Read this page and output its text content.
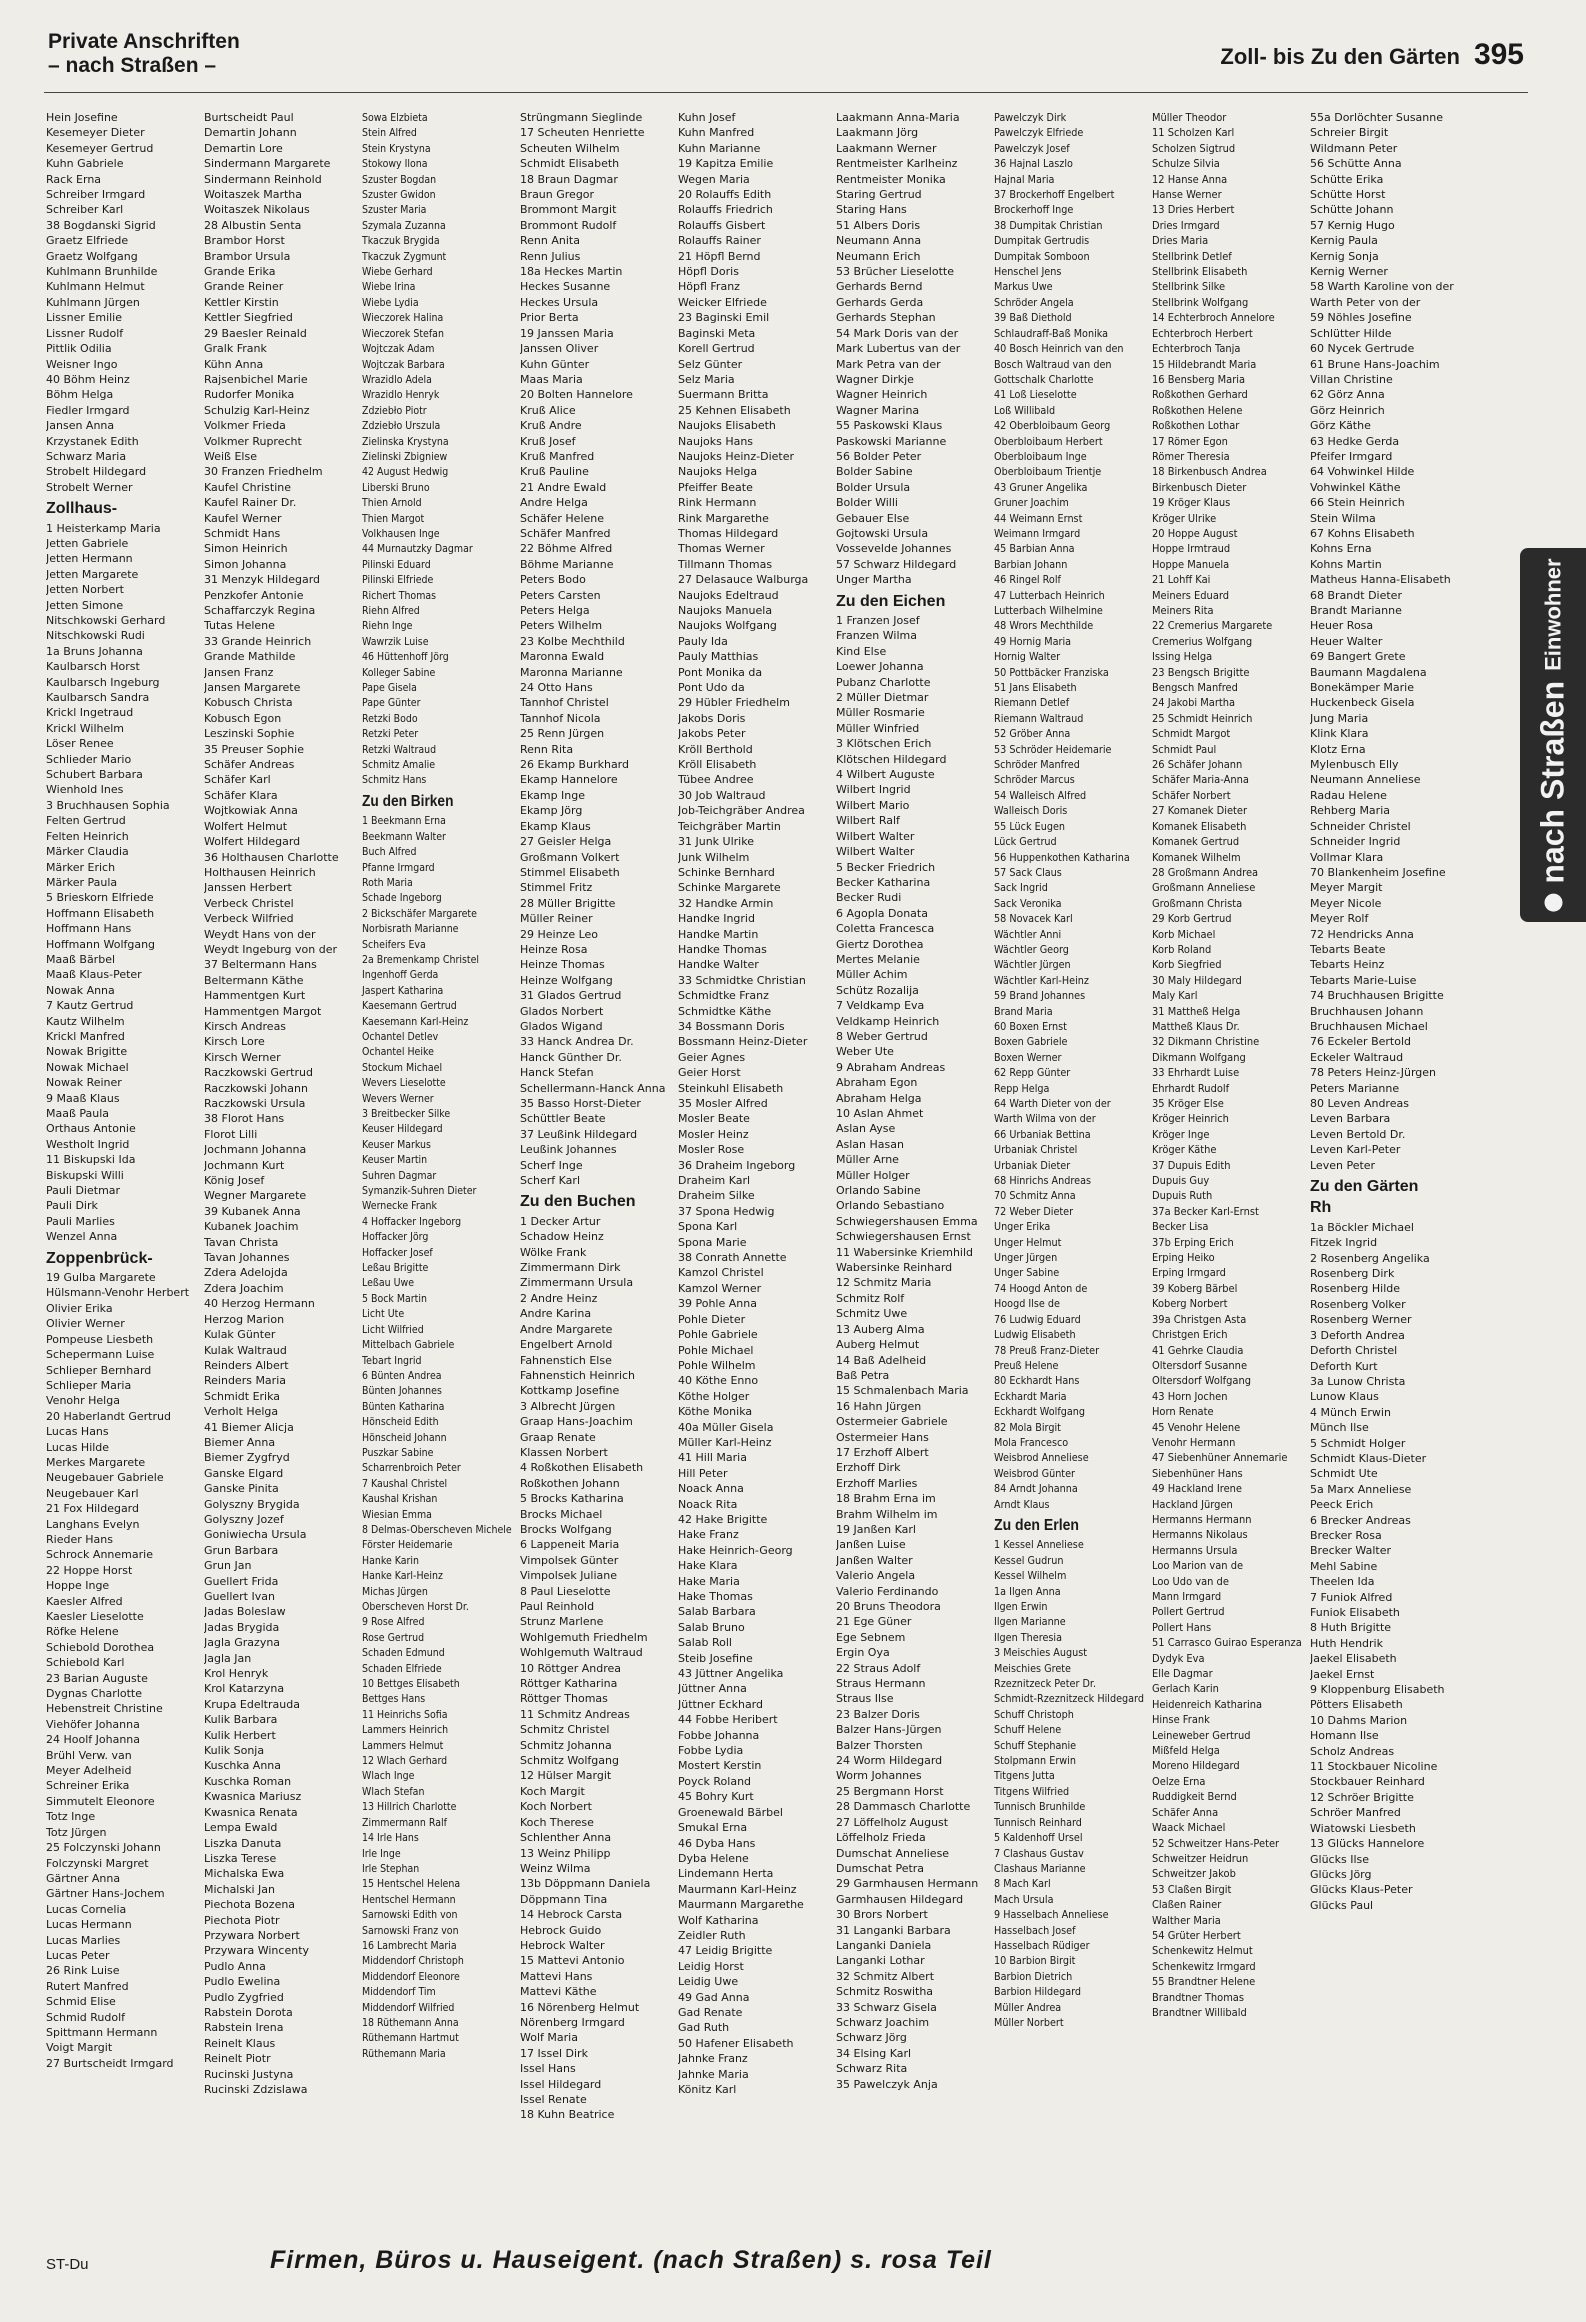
Private Anschriften
– nach Straßen –	Zoll- bis Zu den Gärten 395
Hein Josefine
Kesemeyer Dieter
Kesemeyer Gertrud
Kuhn Gabriele
Rack Erna
Schreiber Irmgard
Schreiber Karl
38 Bogdanski Sigrid
Graetz Elfriede
Graetz Wolfgang
Kuhlmann Brunhilde
Kuhlmann Helmut
Kuhlmann Jürgen
Lissner Emilie
Lissner Rudolf
Pittlik Odilia
Weisner Ingo
40 Böhm Heinz
Böhm Helga
Fiedler Irmgard
Jansen Anna
Krzystanek Edith
Schwarz Maria
Strobelt Hildegard
Strobelt Werner
Zollhaus-
1 Heisterkamp Maria
Jetten Gabriele
Jetten Hermann
Jetten Margarete
Jetten Norbert
Jetten Simone
Nitschkowski Gerhard
Nitschkowski Rudi
1a Bruns Johanna
Kaulbarsch Horst
Kaulbarsch Ingeburg
Kaulbarsch Sandra
Krickl Ingetraud
Krickl Wilhelm
Löser Renee
Schlieder Mario
Schubert Barbara
Wienhold Ines
3 Bruchhausen Sophia
Felten Gertrud
Felten Heinrich
Märker Claudia
Märker Erich
Märker Paula
5 Brieskorn Elfriede
Hoffmann Elisabeth
Hoffmann Hans
Hoffmann Wolfgang
Maaß Bärbel
Maaß Klaus-Peter
Nowak Anna
7 Kautz Gertrud
Kautz Wilhelm
Krickl Manfred
Nowak Brigitte
Nowak Michael
Nowak Reiner
9 Maaß Klaus
Maaß Paula
Orthaus Antonie
Westholt Ingrid
11 Biskupski Ida
Biskupski Willi
Pauli Dietmar
Pauli Dirk
Pauli Marlies
Wenzel Anna
Zoppenbrück-
19 Gulba Margarete
Hülsmann-Venohr Herbert
Olivier Erika
Olivier Werner
Pompeuse Liesbeth
Schepermann Luise
Schlieper Bernhard
Schlieper Maria
Venohr Helga
20 Haberlandt Gertrud
Lucas Hans
Lucas Hilde
Merkes Margarete
Neugebauer Gabriele
Neugebauer Karl
21 Fox Hildegard
Langhans Evelyn
Rieder Hans
Schrock Annemarie
22 Hoppe Horst
Hoppe Inge
Kaesler Alfred
Kaesler Lieselotte
Röfke Helene
Schiebold Dorothea
Schiebold Karl
23 Barian Auguste
Dygnas Charlotte
Hebenstreit Christine
Viehöfer Johanna
24 Hoolf Johanna
Brühl Verw. van
Meyer Adelheid
Schreiner Erika
Simmutelt Eleonore
Totz Inge
Totz Jürgen
25 Folczynski Johann
Folczynski Margret
Gärtner Anna
Gärtner Hans-Jochem
Lucas Cornelia
Lucas Hermann
Lucas Marlies
Lucas Peter
26 Rink Luise
Rutert Manfred
Schmid Elise
Schmid Rudolf
Spittmann Hermann
Voigt Margit
27 Burtscheidt Irmgard
Burtscheidt Paul
Demartin Johann
Demartin Lore
Sindermann Margarete
Sindermann Reinhold
Woitaszek Martha
Woitaszek Nikolaus
28 Albustin Senta
Brambor Horst
Brambor Ursula
Grande Erika
Grande Reiner
Kettler Kirstin
Kettler Siegfried
29 Baesler Reinald
Gralk Frank
Kühn Anna
Rajsenbichel Marie
Rudorfer Monika
Schulzig Karl-Heinz
Volkmer Frieda
Volkmer Ruprecht
Weiß Else
30 Franzen Friedhelm
Kaufel Christine
Kaufel Rainer Dr.
Kaufel Werner
Schmidt Hans
Simon Heinrich
Simon Johanna
31 Menzyk Hildegard
Penzkofer Antonie
Schaffarczyk Regina
Tutas Helene
33 Grande Heinrich
Grande Mathilde
Jansen Franz
Jansen Margarete
Kobusch Christa
Kobusch Egon
Leszinski Sophie
35 Preuser Sophie
Schäfer Andreas
Schäfer Karl
Schäfer Klara
Wojtkowiak Anna
Wolfert Helmut
Wolfert Hildegard
36 Holthausen Charlotte
Holthausen Heinrich
Janssen Herbert
Verbeck Christel
Verbeck Wilfried
Weydt Hans von der
Weydt Ingeburg von der
37 Beltermann Hans
Beltermann Käthe
Hammentgen Kurt
Hammentgen Margot
Kirsch Andreas
Kirsch Lore
Kirsch Werner
Raczkowski Gertrud
Raczkowski Johann
Raczkowski Ursula
38 Florot Hans
Florot Lilli
Jochmann Johanna
Jochmann Kurt
König Josef
Wegner Margarete
39 Kubanek Anna
Kubanek Joachim
Tavan Christa
Tavan Johannes
Zdera Adelojda
Zdera Joachim
40 Herzog Hermann
Herzog Marion
Kulak Günter
Kulak Waltraud
Reinders Albert
Reinders Maria
Schmidt Erika
Verholt Helga
41 Biemer Alicja
Biemer Anna
Biemer Zygfryd
Ganske Elgard
Ganske Pinita
Golyszny Brygida
Golyszny Jozef
Goniwiecha Ursula
Grun Barbara
Grun Jan
Guellert Frida
Guellert Ivan
Jadas Boleslaw
Jadas Brygida
Jagla Grazyna
Jagla Jan
Krol Henryk
Krol Katarzyna
Krupa Edeltrauda
Kulik Barbara
Kulik Herbert
Kulik Sonja
Kuschka Anna
Kuschka Roman
Kwasnica Mariusz
Kwasnica Renata
Lempa Ewald
Liszka Danuta
Liszka Terese
Michalska Ewa
Michalski Jan
Piechota Bozena
Piechota Piotr
Przywara Norbert
Przywara Wincenty
Pudlo Anna
Pudlo Ewelina
Pudlo Zygfried
Rabstein Dorota
Rabstein Irena
Reinelt Klaus
Reinelt Piotr
Rucinski Justyna
Rucinski Zdzislawa
Sowa Elzbieta
Stein Alfred
Stein Krystyna
Stokowy Ilona
Szuster Bogdan
Szuster Gwidon
Szuster Maria
Szymala Zuzanna
Tkaczuk Brygida
Tkaczuk Zygmunt
Wiebe Gerhard
Wiebe Irina
Wiebe Lydia
Wieczorek Halina
Wieczorek Stefan
Wojtczak Adam
Wojtczak Barbara
Wrazidlo Adela
Wrazidlo Henryk
Zdziebło Piotr
Zdziebło Urszula
Zielinska Krystyna
Zielinski Zbigniew
42 August Hedwig
Liberski Bruno
Thien Arnold
Thien Margot
Volkhausen Inge
44 Murnautzky Dagmar
Pilinski Eduard
Pilinski Elfriede
Richert Thomas
Riehn Alfred
Riehn Inge
Wawrzik Luise
46 Hüttenhoff Jörg
Kolleger Sabine
Pape Gisela
Pape Günter
Retzki Bodo
Retzki Peter
Retzki Waltraud
Schmitz Amalie
Schmitz Hans
Zu den Birken
1 Beekmann Erna
Beekmann Walter
Buch Alfred
Pfanne Irmgard
Roth Maria
Schade Ingeborg
2 Bickschäfer Margarete
Norbisrath Marianne
Scheifers Eva
2a Bremenkamp Christel
Ingenhoff Gerda
Jaspert Katharina
Kaesemann Gertrud
Kaesemann Karl-Heinz
Ochantel Detlev
Ochantel Heike
Stockum Michael
Wevers Lieselotte
Wevers Werner
3 Breitbecker Silke
Keuser Hildegard
Keuser Markus
Keuser Martin
Suhren Dagmar
Symanzik-Suhren Dieter
Wernecke Frank
4 Hoffacker Ingeborg
Hoffacker Jörg
Hoffacker Josef
Leßau Brigitte
Leßau Uwe
5 Bock Martin
Licht Ute
Licht Wilfried
Mittelbach Gabriele
Tebart Ingrid
6 Bünten Andrea
Bünten Johannes
Bünten Katharina
Hönscheid Edith
Hönscheid Johann
Puszkar Sabine
Scharrenbroich Peter
7 Kaushal Christel
Kaushal Krishan
Wiesian Emma
8 Delmas-Oberscheven Michele
Förster Heidemarie
Hanke Karin
Hanke Karl-Heinz
Michas Jürgen
Oberscheven Horst Dr.
9 Rose Alfred
Rose Gertrud
Schaden Edmund
Schaden Elfriede
10 Bettges Elisabeth
Bettges Hans
11 Heinrichs Sofia
Lammers Heinrich
Lammers Helmut
12 Wlach Gerhard
Wlach Inge
Wlach Stefan
13 Hillrich Charlotte
Zimmermann Ralf
14 Irle Hans
Irle Inge
Irle Stephan
15 Hentschel Helena
Hentschel Hermann
Sarnowski Edith von
Sarnowski Franz von
16 Lambrecht Maria
Middendorf Christoph
Middendorf Eleonore
Middendorf Tim
Middendorf Wilfried
18 Rüthemann Anna
Rüthemann Hartmut
Rüthemann Maria
Strüngmann Sieglinde
17 Scheuten Henriette
Scheuten Wilhelm
Schmidt Elisabeth
18 Braun Dagmar
Braun Gregor
Brommont Margit
Brommont Rudolf
Renn Anita
Renn Julius
18a Heckes Martin
Heckes Susanne
Heckes Ursula
Prior Berta
19 Janssen Maria
Janssen Oliver
Kuhn Günter
Maas Maria
20 Bolten Hannelore
Kruß Alice
Kruß Andre
Kruß Josef
Kruß Manfred
Kruß Pauline
21 Andre Ewald
Andre Helga
Schäfer Helene
Schäfer Manfred
22 Böhme Alfred
Böhme Marianne
Peters Bodo
Peters Carsten
Peters Helga
Peters Wilhelm
23 Kolbe Mechthild
Maronna Ewald
Maronna Marianne
24 Otto Hans
Tannhof Christel
Tannhof Nicola
25 Renn Jürgen
Renn Rita
26 Ekamp Burkhard
Ekamp Hannelore
Ekamp Inge
Ekamp Jörg
Ekamp Klaus
27 Geisler Helga
Großmann Volkert
Stimmel Elisabeth
Stimmel Fritz
28 Müller Brigitte
Müller Reiner
29 Heinze Leo
Heinze Rosa
Heinze Thomas
Heinze Wolfgang
31 Glados Gertrud
Glados Norbert
Glados Wigand
33 Hanck Andrea Dr.
Hanck Günther Dr.
Hanck Stefan
Schellermann-Hanck Anna
35 Basso Horst-Dieter
Schüttler Beate
37 Leußink Hildegard
Leußink Johannes
Scherf Inge
Scherf Karl
Zu den Buchen
1 Decker Artur
Schadow Heinz
Wölke Frank
Zimmermann Dirk
Zimmermann Ursula
2 Andre Heinz
Andre Karina
Andre Margarete
Engelbert Arnold
Fahnenstich Else
Fahnenstich Heinrich
Kottkamp Josefine
3 Albrecht Jürgen
Graap Hans-Joachim
Graap Renate
Klassen Norbert
4 Roßkothen Elisabeth
Roßkothen Johann
5 Brocks Katharina
Brocks Michael
Brocks Wolfgang
6 Lappeneit Maria
Vimpolsek Günter
Vimpolsek Juliane
8 Paul Lieselotte
Paul Reinhold
Strunz Marlene
Wohlgemuth Friedhelm
Wohlgemuth Waltraud
10 Röttger Andrea
Röttger Katharina
Röttger Thomas
11 Schmitz Andreas
Schmitz Christel
Schmitz Johanna
Schmitz Wolfgang
12 Hülser Margit
Koch Margit
Koch Norbert
Koch Therese
Schlenther Anna
13 Weinz Philipp
Weinz Wilma
13b Döppmann Daniela
Döppmann Tina
14 Hebrock Carsta
Hebrock Guido
Hebrock Walter
15 Mattevi Antonio
Mattevi Hans
Mattevi Käthe
16 Nörenberg Helmut
Nörenberg Irmgard
Wolf Maria
17 Issel Dirk
Issel Hans
Issel Hildegard
Issel Renate
18 Kuhn Beatrice
Kuhn Josef
Kuhn Manfred
Kuhn Marianne
19 Kapitza Emilie
Wegen Maria
20 Rolauffs Edith
Rolauffs Friedrich
Rolauffs Gisbert
Rolauffs Rainer
21 Höpfl Bernd
Höpfl Doris
Höpfl Franz
Weicker Elfriede
23 Baginski Emil
Baginski Meta
Korell Gertrud
Selz Günter
Selz Maria
Suermann Britta
25 Kehnen Elisabeth
Naujoks Elisabeth
Naujoks Hans
Naujoks Heinz-Dieter
Naujoks Helga
Pfeiffer Beate
Rink Hermann
Rink Margarethe
Thomas Hildegard
Thomas Werner
Tillmann Thomas
27 Delasauce Walburga
Naujoks Edeltraud
Naujoks Manuela
Naujoks Wolfgang
Pauly Ida
Pauly Matthias
Pont Monika da
Pont Udo da
29 Hübler Friedhelm
Jakobs Doris
Jakobs Peter
Kröll Berthold
Kröll Elisabeth
Tübee Andree
30 Job Waltraud
Job-Teichgräber Andrea
Teichgräber Martin
31 Junk Ulrike
Junk Wilhelm
Schinke Bernhard
Schinke Margarete
32 Handke Armin
Handke Ingrid
Handke Martin
Handke Thomas
Handke Walter
33 Schmidtke Christian
Schmidtke Franz
Schmidtke Käthe
34 Bossmann Doris
Bossmann Heinz-Dieter
Geier Agnes
Geier Horst
Steinkuhl Elisabeth
35 Mosler Alfred
Mosler Beate
Mosler Heinz
Mosler Rose
36 Draheim Ingeborg
Draheim Karl
Draheim Silke
37 Spona Hedwig
Spona Karl
Spona Marie
38 Conrath Annette
Kamzol Christel
Kamzol Werner
39 Pohle Anna
Pohle Dieter
Pohle Gabriele
Pohle Michael
Pohle Wilhelm
40 Köthe Enno
Köthe Holger
Köthe Monika
40a Müller Gisela
Müller Karl-Heinz
41 Hill Maria
Hill Peter
Noack Anna
Noack Rita
42 Hake Brigitte
Hake Franz
Hake Heinrich-Georg
Hake Klara
Hake Maria
Hake Thomas
Salab Barbara
Salab Bruno
Salab Roll
Steib Josefine
43 Jüttner Angelika
Jüttner Anna
Jüttner Eckhard
44 Fobbe Heribert
Fobbe Johanna
Fobbe Lydia
Mostert Kerstin
Poyck Roland
45 Bohry Kurt
Groenewald Bärbel
Smukal Erna
46 Dyba Hans
Dyba Helene
Lindemann Herta
Maurmann Karl-Heinz
Maurmann Margarethe
Wolf Katharina
Zeidler Ruth
47 Leidig Brigitte
Leidig Horst
Leidig Uwe
49 Gad Anna
Gad Renate
Gad Ruth
50 Hafener Elisabeth
Jahnke Franz
Jahnke Maria
Könitz Karl
Laakmann Anna-Maria
Laakmann Jörg
Laakmann Werner
Rentmeister Karlheinz
Rentmeister Monika
Staring Gertrud
Staring Hans
51 Albers Doris
Neumann Anna
Neumann Erich
53 Brücher Lieselotte
Gerhards Bernd
Gerhards Gerda
Gerhards Stephan
54 Mark Doris van der
Mark Lubertus van der
Mark Petra van der
Wagner Dirkje
Wagner Heinrich
Wagner Marina
55 Paskowski Klaus
Paskowski Marianne
56 Bolder Peter
Bolder Sabine
Bolder Ursula
Bolder Willi
Gebauer Else
Gojtowski Ursula
Vossevelde Johannes
57 Schwarz Hildegard
Unger Martha
Zu den Eichen
1 Franzen Josef
Franzen Wilma
Kind Else
Loewer Johanna
Pubanz Charlotte
2 Müller Dietmar
Müller Rosmarie
Müller Winfried
3 Klötschen Erich
Klötschen Hildegard
4 Wilbert Auguste
Wilbert Ingrid
Wilbert Mario
Wilbert Ralf
Wilbert Walter
Wilbert Walter
5 Becker Friedrich
Becker Katharina
Becker Rudi
6 Agopla Donata
Coletta Francesca
Giertz Dorothea
Mertes Melanie
Müller Achim
Schütz Rozalija
7 Veldkamp Eva
Veldkamp Heinrich
8 Weber Gertrud
Weber Ute
9 Abraham Andreas
Abraham Egon
Abraham Helga
10 Aslan Ahmet
Aslan Ayse
Aslan Hasan
Müller Arne
Müller Holger
Orlando Sabine
Orlando Sebastiano
Schwiegershausen Emma
Schwiegershausen Ernst
11 Wabersinke Kriemhild
Wabersinke Reinhard
12 Schmitz Maria
Schmitz Rolf
Schmitz Uwe
13 Auberg Alma
Auberg Helmut
14 Baß Adelheid
Baß Petra
15 Schmalenbach Maria
16 Hahn Jürgen
Ostermeier Gabriele
Ostermeier Hans
17 Erzhoff Albert
Erzhoff Dirk
Erzhoff Marlies
18 Brahm Erna im
Brahm Wilhelm im
19 Janßen Karl
Janßen Luise
Janßen Walter
Valerio Angela
Valerio Ferdinando
20 Bruns Theodora
21 Ege Güner
Ege Sebnem
Ergin Oya
22 Straus Adolf
Straus Hermann
Straus Ilse
23 Balzer Doris
Balzer Hans-Jürgen
Balzer Thorsten
24 Worm Hildegard
Worm Johannes
25 Bergmann Horst
28 Dammasch Charlotte
27 Löffelholz August
Löffelholz Frieda
Dumschat Anneliese
Dumschat Petra
29 Garmhausen Hermann
Garmhausen Hildegard
30 Brors Norbert
31 Langanki Barbara
Langanki Daniela
Langanki Lothar
32 Schmitz Albert
Schmitz Roswitha
33 Schwarz Gisela
Schwarz Joachim
Schwarz Jörg
34 Elsing Karl
Schwarz Rita
35 Pawelczyk Anja
Pawelczyk Dirk
Pawelczyk Elfriede
Pawelczyk Josef
36 Hajnal Laszlo
Hajnal Maria
37 Brockerhoff Engelbert
Brockerhoff Inge
38 Dumpitak Christian
Dumpitak Gertrudis
Dumpitak Somboon
Henschel Jens
Markus Uwe
Schröder Angela
39 Baß Diethold
Schlaudraff-Baß Monika
40 Bosch Heinrich van den
Bosch Waltraud van den
Gottschalk Charlotte
41 Loß Lieselotte
Loß Willibald
42 Oberbloibaum Georg
Oberbloibaum Herbert
Oberbloibaum Inge
Oberbloibaum Trientje
43 Gruner Angelika
Gruner Joachim
44 Weimann Ernst
Weimann Irmgard
45 Barbian Anna
Barbian Johann
46 Ringel Rolf
47 Lutterbach Heinrich
Lutterbach Wilhelmine
48 Wrors Mechthilde
49 Hornig Maria
Hornig Walter
50 Pottbäcker Franziska
51 Jans Elisabeth
Riemann Detlef
Riemann Waltraud
52 Gröber Anna
53 Schröder Heidemarie
Schröder Manfred
Schröder Marcus
54 Walleisch Alfred
Walleisch Doris
55 Lück Eugen
Lück Gertrud
56 Huppenkothen Katharina
57 Sack Claus
Sack Ingrid
Sack Veronika
58 Novacek Karl
Wächtler Anni
Wächtler Georg
Wächtler Jürgen
Wächtler Karl-Heinz
59 Brand Johannes
Brand Maria
60 Boxen Ernst
Boxen Gabriele
Boxen Werner
62 Repp Günter
Repp Helga
64 Warth Dieter von der
Warth Wilma von der
66 Urbaniak Bettina
Urbaniak Christel
Urbaniak Dieter
68 Hinrichs Andreas
70 Schmitz Anna
72 Weber Dieter
Unger Erika
Unger Helmut
Unger Jürgen
Unger Sabine
74 Hoogd Anton de
Hoogd Ilse de
76 Ludwig Eduard
Ludwig Elisabeth
78 Preuß Franz-Dieter
Preuß Helene
80 Eckhardt Hans
Eckhardt Maria
Eckhardt Wolfgang
82 Mola Birgit
Mola Francesco
Weisbrod Anneliese
Weisbrod Günter
84 Arndt Johanna
Arndt Klaus
Zu den Erlen
1 Kessel Anneliese
Kessel Gudrun
Kessel Wilhelm
1a Ilgen Anna
Ilgen Erwin
Ilgen Marianne
Ilgen Theresia
3 Meischies August
Meischies Grete
Rzeznitzeck Peter Dr.
Schmidt-Rzeznitzeck Hildegard
Schuff Christoph
Schuff Helene
Schuff Stephanie
Stolpmann Erwin
Titgens Jutta
Titgens Wilfried
Tunnisch Brunhilde
Tunnisch Reinhard
5 Kaldenhoff Ursel
7 Clashaus Gustav
Clashaus Marianne
8 Mach Karl
Mach Ursula
9 Hasselbach Anneliese
Hasselbach Josef
Hasselbach Rüdiger
10 Barbion Birgit
Barbion Dietrich
Barbion Hildegard
Müller Andrea
Müller Norbert
Müller Theodor
11 Scholzen Karl
Scholzen Sigtrud
Schulze Silvia
12 Hanse Anna
Hanse Werner
13 Dries Herbert
Dries Irmgard
Dries Maria
Stellbrink Detlef
Stellbrink Elisabeth
Stellbrink Silke
Stellbrink Wolfgang
14 Echterbroch Annelore
Echterbroch Herbert
Echterbroch Tanja
15 Hildebrandt Maria
16 Bensberg Maria
Roßkothen Gerhard
Roßkothen Helene
Roßkothen Lothar
17 Römer Egon
Römer Theresia
18 Birkenbusch Andrea
Birkenbusch Dieter
19 Kröger Klaus
Kröger Ulrike
20 Hoppe August
Hoppe Irmtraud
Hoppe Manuela
21 Lohff Kai
Meiners Eduard
Meiners Rita
22 Cremerius Margarete
Cremerius Wolfgang
Issing Helga
23 Bengsch Brigitte
Bengsch Manfred
24 Jakobi Martha
25 Schmidt Heinrich
Schmidt Margot
Schmidt Paul
26 Schäfer Johann
Schäfer Maria-Anna
Schäfer Norbert
27 Komanek Dieter
Komanek Elisabeth
Komanek Gertrud
Komanek Wilhelm
28 Großmann Andrea
Großmann Anneliese
Großmann Christa
29 Korb Gertrud
Korb Michael
Korb Roland
Korb Siegfried
30 Maly Hildegard
Maly Karl
31 Mattheß Helga
Mattheß Klaus Dr.
32 Dikmann Christine
Dikmann Wolfgang
33 Ehrhardt Luise
Ehrhardt Rudolf
35 Kröger Else
Kröger Heinrich
Kröger Inge
Kröger Käthe
37 Dupuis Edith
Dupuis Guy
Dupuis Ruth
37a Becker Karl-Ernst
Becker Lisa
37b Erping Erich
Erping Heiko
Erping Irmgard
39 Koberg Bärbel
Koberg Norbert
39a Christgen Asta
Christgen Erich
41 Gehrke Claudia
Oltersdorf Susanne
Oltersdorf Wolfgang
43 Horn Jochen
Horn Renate
45 Venohr Helene
Venohr Hermann
47 Siebenhüner Annemarie
Siebenhüner Hans
49 Hackland Irene
Hackland Jürgen
Hermanns Hermann
Hermanns Nikolaus
Hermanns Ursula
Loo Marion van de
Loo Udo van de
Mann Irmgard
Pollert Gertrud
Pollert Hans
51 Carrasco Guirao Esperanza
Dydyk Eva
Elle Dagmar
Gerlach Karin
Heidenreich Katharina
Hinse Frank
Leineweber Gertrud
Mißfeld Helga
Moreno Hildegard
Oelze Erna
Ruddigkeit Bernd
Schäfer Anna
Waack Michael
52 Schweitzer Hans-Peter
Schweitzer Heidrun
Schweitzer Jakob
53 Claßen Birgit
Claßen Rainer
Walther Maria
54 Grüter Herbert
Schenkewitz Helmut
Schenkewitz Irmgard
55 Brandtner Helene
Brandtner Thomas
Brandtner Willibald
55a Dorlöchter Susanne
Schreier Birgit
Wildmann Peter
56 Schütte Anna
Schütte Erika
Schütte Horst
Schütte Johann
57 Kernig Hugo
Kernig Paula
Kernig Sonja
Kernig Werner
58 Warth Karoline von der
Warth Peter von der
59 Nöhles Josefine
Schlütter Hilde
60 Nycek Gertrude
61 Brune Hans-Joachim
Villan Christine
62 Görz Anna
Görz Heinrich
Görz Käthe
63 Hedke Gerda
Pfeifer Irmgard
64 Vohwinkel Hilde
Vohwinkel Käthe
66 Stein Heinrich
Stein Wilma
67 Kohns Elisabeth
Kohns Erna
Kohns Martin
Matheus Hanna-Elisabeth
68 Brandt Dieter
Brandt Marianne
Heuer Rosa
Heuer Walter
69 Bangert Grete
Baumann Magdalena
Bonekämper Marie
Huckenbeck Gisela
Jung Maria
Klink Klara
Klotz Erna
Mylenbusch Elly
Neumann Anneliese
Radau Helene
Rehberg Maria
Schneider Christel
Schneider Ingrid
Vollmar Klara
70 Blankenheim Josefine
Meyer Margit
Meyer Nicole
Meyer Rolf
72 Hendricks Anna
Tebarts Beate
Tebarts Heinz
Tebarts Marie-Luise
74 Bruchhausen Brigitte
Bruchhausen Johann
Bruchhausen Michael
76 Eckeler Bertold
Eckeler Waltraud
78 Peters Heinz-Jürgen
Peters Marianne
80 Leven Andreas
Leven Barbara
Leven Bertold Dr.
Leven Karl-Peter
Leven Peter
Zu den Gärten
Rh
1a Böckler Michael
Fitzek Ingrid
2 Rosenberg Angelika
Rosenberg Dirk
Rosenberg Hilde
Rosenberg Volker
Rosenberg Werner
3 Deforth Andrea
Deforth Christel
Deforth Kurt
3a Lunow Christa
Lunow Klaus
4 Münch Erwin
Münch Ilse
5 Schmidt Holger
Schmidt Klaus-Dieter
Schmidt Ute
5a Marx Anneliese
Peeck Erich
6 Brecker Andreas
Brecker Rosa
Brecker Walter
Mehl Sabine
Theelen Ida
7 Funiok Alfred
Funiok Elisabeth
8 Huth Brigitte
Huth Hendrik
Jaekel Elisabeth
Jaekel Ernst
9 Kloppenburg Elisabeth
Pötters Elisabeth
10 Dahms Marion
Homann Ilse
Scholz Andreas
11 Stockbauer Nicoline
Stockbauer Reinhard
12 Schröer Brigitte
Schröer Manfred
Wiatowski Liesbeth
13 Glücks Hannelore
Glücks Ilse
Glücks Jörg
Glücks Klaus-Peter
Glücks Paul
nach Straßen
Einwohner
ST-Du	Firmen, Büros u. Hauseigent. (nach Straßen) s. rosa Teil
